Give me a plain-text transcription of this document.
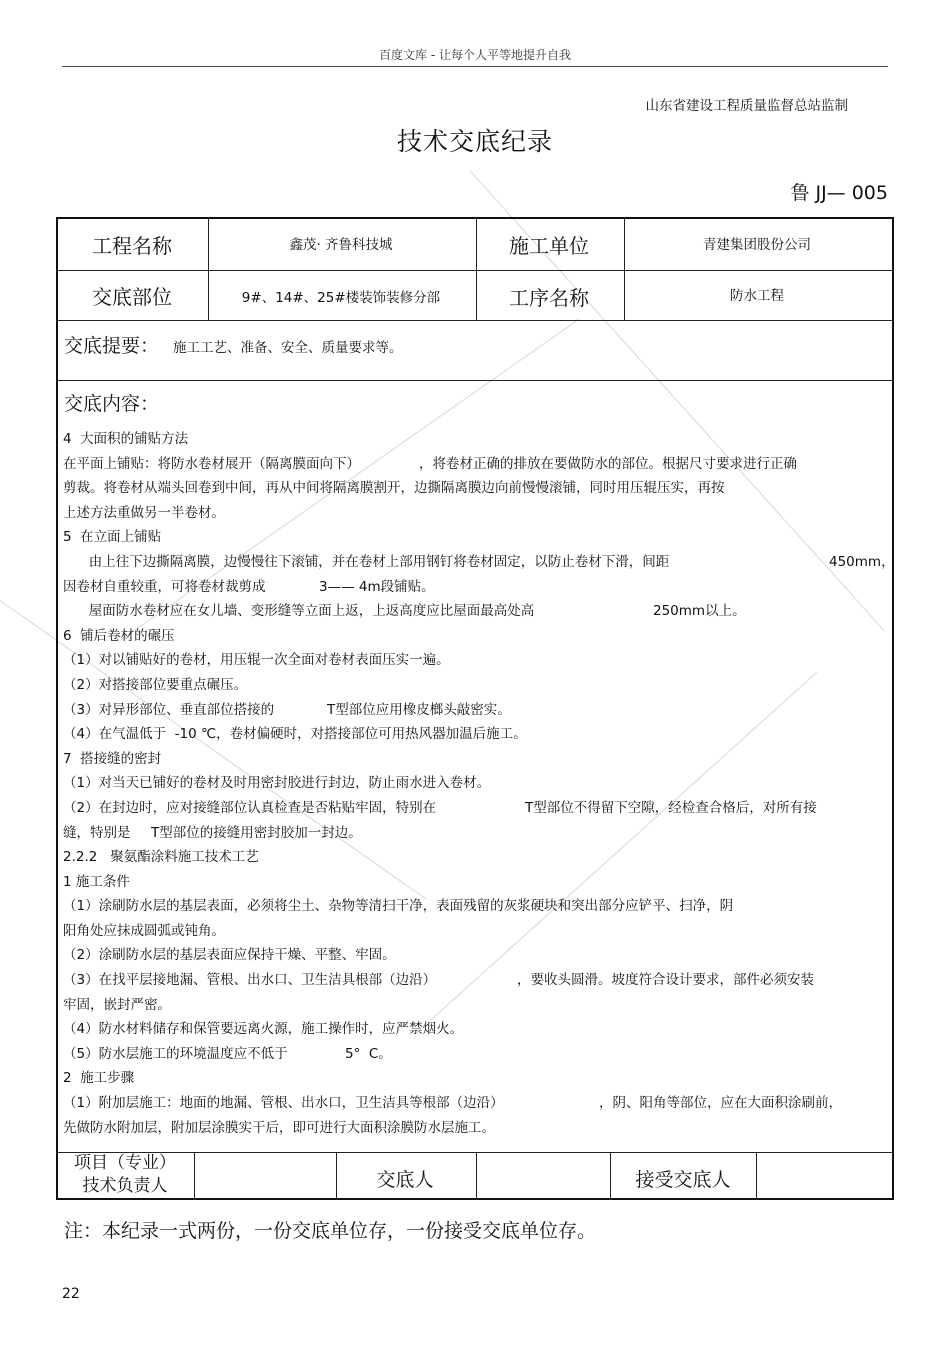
百度文库 - 让每个人平等地提升自我
山东省建设工程质量监督总站监制
技术交底纪录
鲁 JJ— 005
工程名称	鑫茂· 齐鲁科技城	施工单位	青建集团股份公司
交底部位	9#、14#、25#楼装饰装修分部	工序名称	防水工程
交底提要： 施工工艺、准备、安全、质量要求等。
交底内容：
4  大面积的铺贴方法
在平面上铺贴：将防水卷材展开（隔离膜面向下）	，将卷材正确的排放在要做防水的部位。根据尺寸要求进行正确
剪裁。将卷材从端头回卷到中间，再从中间将隔离膜割开，边撕隔离膜边向前慢慢滚铺，同时用压辊压实，再按
上述方法重做另一半卷材。
5  在立面上铺贴
由上往下边撕隔离膜，边慢慢往下滚铺，并在卷材上部用钢钉将卷材固定，以防止卷材下滑，间距	450mm，
因卷材自重较重，可将卷材裁剪成	3—— 4m段铺贴。
屋面防水卷材应在女儿墙、变形缝等立面上返，上返高度应比屋面最高处高	250mm以上。
6  铺后卷材的碾压
（1）对以铺贴好的卷材，用压辊一次全面对卷材表面压实一遍。
（2）对搭接部位要重点碾压。
（3）对异形部位、垂直部位搭接的	T型部位应用橡皮榔头敲密实。
（4）在气温低于  -10 ℃，卷材偏硬时，对搭接部位可用热风器加温后施工。
7  搭接缝的密封
（1）对当天已铺好的卷材及时用密封胶进行封边，防止雨水进入卷材。
（2）在封边时，应对接缝部位认真检查是否粘贴牢固，特别在	T型部位不得留下空隙，经检查合格后，对所有接
缝，特别是 T型部位的接缝用密封胶加一封边。
2.2.2   聚氨酯涂料施工技术工艺
1 施工条件
（1）涂刷防水层的基层表面，必须将尘土、杂物等清扫干净，表面残留的灰浆硬块和突出部分应铲平、扫净，阴
阳角处应抹成圆弧或钝角。
（2）涂刷防水层的基层表面应保持干燥、平整、牢固。
（3）在找平层接地漏、管根、出水口、卫生洁具根部（边沿）	，要收头圆滑。坡度符合设计要求，部件必须安装
牢固，嵌封严密。
（4）防水材料储存和保管要远离火源，施工操作时，应严禁烟火。
（5）防水层施工的环境温度应不低于	5°  C。
2  施工步骤
（1）附加层施工：地面的地漏、管根、出水口，卫生洁具等根部（边沿）	，阴、阳角等部位，应在大面积涂刷前，
先做防水附加层，附加层涂膜实干后，即可进行大面积涂膜防水层施工。
项目（专业）
技术负责人	交底人	接受交底人
注：本纪录一式两份，一份交底单位存，一份接受交底单位存。
22
